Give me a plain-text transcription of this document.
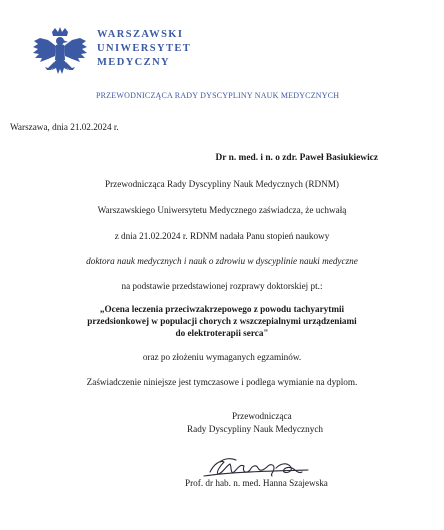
WARSZAWSKI
UNIWERSYTET
MEDYCZNY
PRZEWODNICZĄCA RADY DYSCYPLINY NAUK MEDYCZNYCH
Warszawa, dnia 21.02.2024 r.
Dr n. med. i n. o zdr. Paweł Basiukiewicz
Przewodnicząca Rady Dyscypliny Nauk Medycznych (RDNM)
Warszawskiego Uniwersytetu Medycznego zaświadcza, że uchwałą
z dnia 21.02.2024 r. RDNM nadała Panu stopień naukowy
doktora nauk medycznych i nauk o zdrowiu w dyscyplinie nauki medyczne
na podstawie przedstawionej rozprawy doktorskiej pt.:
„Ocena leczenia przeciwzakrzepowego z powodu tachyarytmii
przedsionkowej w populacji chorych z wszczepialnymi urządzeniami
do elektroterapii serca"
oraz po złożeniu wymaganych egzaminów.
Zaświadczenie niniejsze jest tymczasowe i podlega wymianie na dyplom.
Przewodnicząca
Rady Dyscypliny Nauk Medycznych
Prof. dr hab. n. med. Hanna Szajewska
